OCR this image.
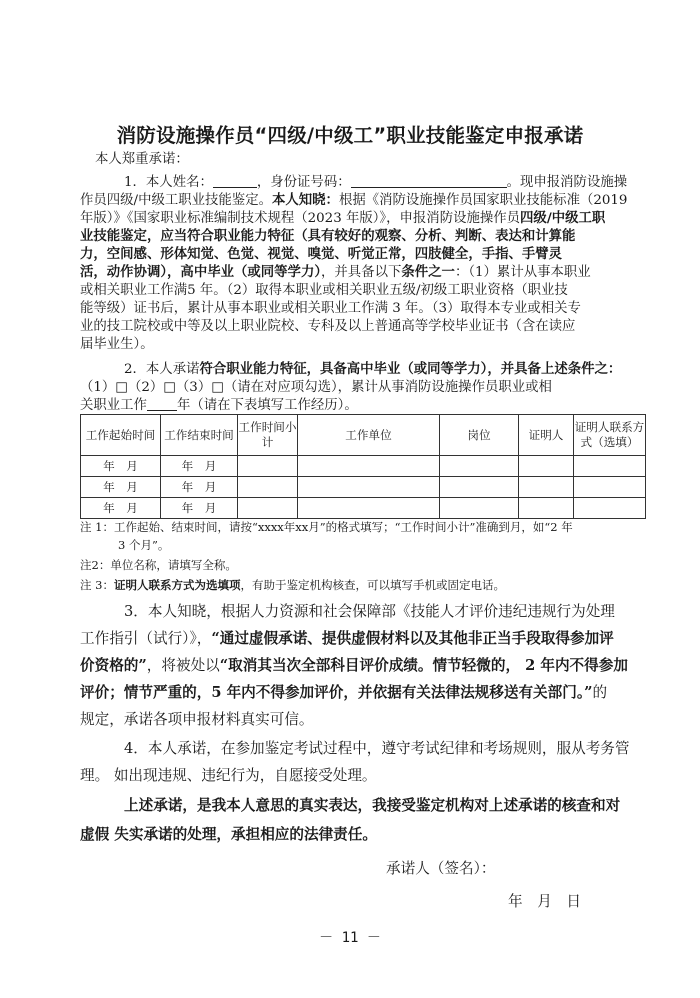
消防设施操作员“四级/中级工”职业技能鉴定申报承诺
本人郑重承诺：
1．本人姓名：	，身份证号码：	。现申报消防设施操
作员四级/中级工职业技能鉴定。本人知晓：根据《消防设施操作员国家职业技能标准（2019
年版）》《国家职业标准编制技术规程（2023 年版）》，申报消防设施操作员四级/中级工职
业技能鉴定，应当符合职业能力特征（具有较好的观察、分析、判断、表达和计算能
力，空间感、形体知觉、色觉、视觉、嗅觉、听觉正常，四肢健全，手指、手臂灵
活，动作协调），高中毕业（或同等学力），并具备以下条件之一：（1）累计从事本职业
或相关职业工作满5 年。（2）取得本职业或相关职业五级/初级工职业资格（职业技
能等级）证书后，累计从事本职业或相关职业工作满 3 年。（3）取得本专业或相关专
业的技工院校或中等及以上职业院校、专科及以上普通高等学校毕业证书（含在读应
届毕业生）。
2．本人承诺符合职业能力特征，具备高中毕业（或同等学力），并具备上述条件之：
（1）□（2）□（3）□（请在对应项勾选），累计从事消防设施操作员职业或相
关职业工作 年（请在下表填写工作经历）。
工作起始时间	工作结束时间	工作时间小计	工作单位	岗位	证明人	证明人联系方式（选填）
年　月	年　月					
年　月	年　月					
年　月	年　月					
注 1：工作起始、结束时间，请按“xxxx年xx月”的格式填写；“工作时间小计”准确到月，如“2 年
3 个月”。
注2：单位名称，请填写全称。
注 3：证明人联系方式为选填项，有助于鉴定机构核查，可以填写手机或固定电话。
3．本人知晓，根据人力资源和社会保障部《技能人才评价违纪违规行为处理
工作指引（试行）》，“通过虚假承诺、提供虚假材料以及其他非正当手段取得参加评
价资格的”，将被处以“取消其当次全部科目评价成绩。情节轻微的， 2 年内不得参加
评价；情节严重的，5 年内不得参加评价，并依据有关法律法规移送有关部门。”的
规定，承诺各项申报材料真实可信。
4．本人承诺，在参加鉴定考试过程中，遵守考试纪律和考场规则，服从考务管
理。 如出现违规、违纪行为，自愿接受处理。
上述承诺，是我本人意思的真实表达，我接受鉴定机构对上述承诺的核查和对
虚假 失实承诺的处理，承担相应的法律责任。
承诺人（签名）：
年　月　日
－ 11 －
